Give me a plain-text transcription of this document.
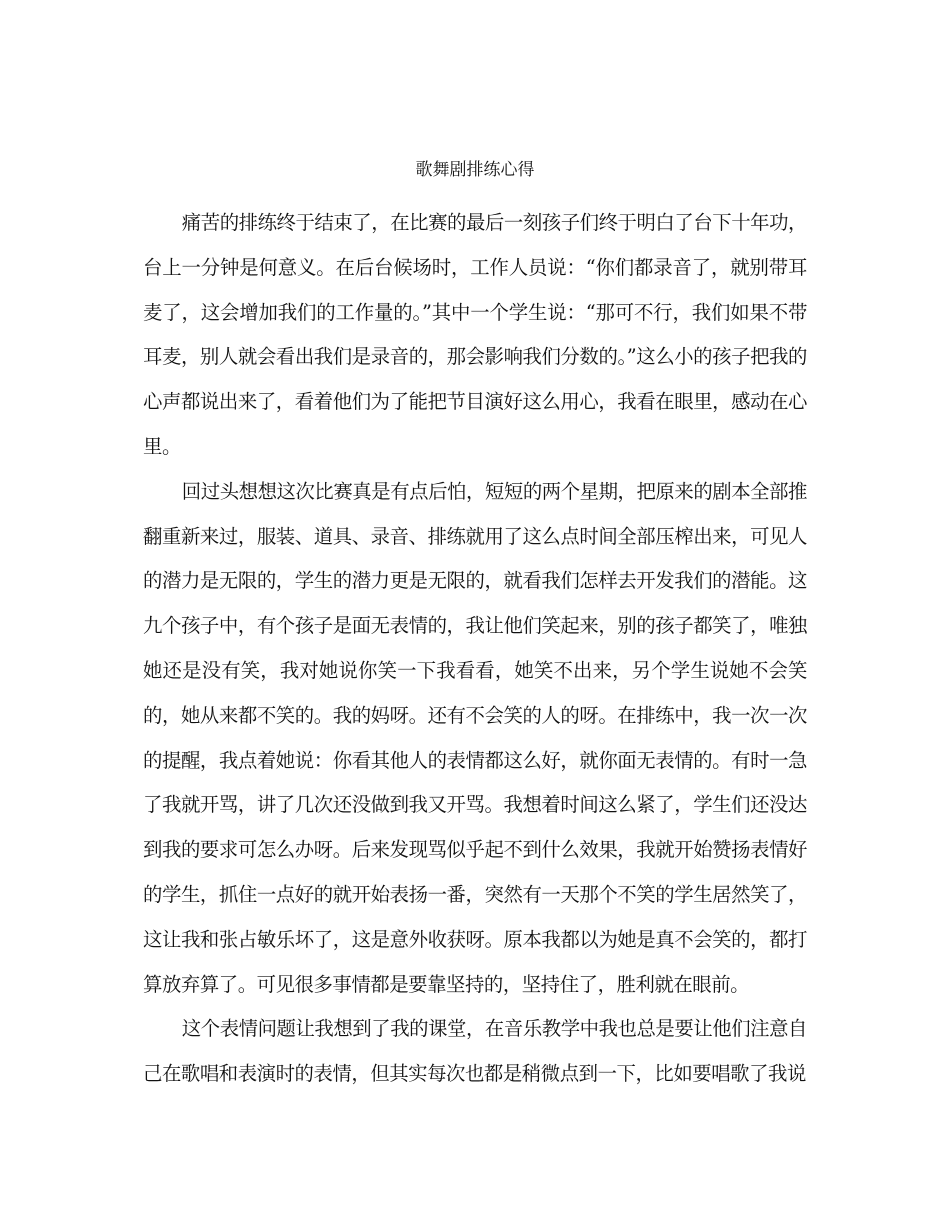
歌舞剧排练心得

痛苦的排练终于结束了，在比赛的最后一刻孩子们终于明白了台下十年功，台上一分钟是何意义。在后台候场时，工作人员说：“你们都录音了，就别带耳麦了，这会增加我们的工作量的。”其中一个学生说：“那可不行，我们如果不带耳麦，别人就会看出我们是录音的，那会影响我们分数的。”这么小的孩子把我的心声都说出来了，看着他们为了能把节目演好这么用心，我看在眼里，感动在心里。

回过头想想这次比赛真是有点后怕，短短的两个星期，把原来的剧本全部推翻重新来过，服装、道具、录音、排练就用了这么点时间全部压榨出来，可见人的潜力是无限的，学生的潜力更是无限的，就看我们怎样去开发我们的潜能。这九个孩子中，有个孩子是面无表情的，我让他们笑起来，别的孩子都笑了，唯独她还是没有笑，我对她说你笑一下我看看，她笑不出来，另个学生说她不会笑的，她从来都不笑的。我的妈呀。还有不会笑的人的呀。在排练中，我一次一次的提醒，我点着她说：你看其他人的表情都这么好，就你面无表情的。有时一急了我就开骂，讲了几次还没做到我又开骂。我想着时间这么紧了，学生们还没达到我的要求可怎么办呀。后来发现骂似乎起不到什么效果，我就开始赞扬表情好的学生，抓住一点好的就开始表扬一番，突然有一天那个不笑的学生居然笑了，这让我和张占敏乐坏了，这是意外收获呀。原本我都以为她是真不会笑的，都打算放弃算了。可见很多事情都是要靠坚持的，坚持住了，胜利就在眼前。

这个表情问题让我想到了我的课堂，在音乐教学中我也总是要让他们注意自己在歌唱和表演时的表情，但其实每次也都是稍微点到一下，比如要唱歌了我说
